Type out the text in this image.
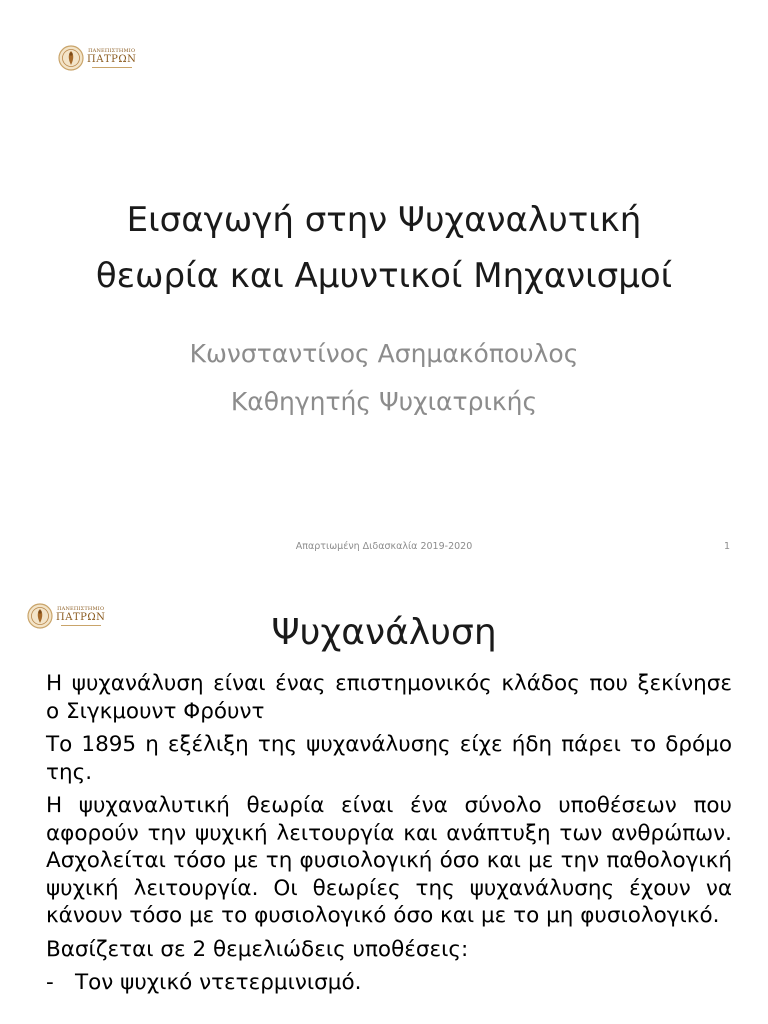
ΠΑΝΕΠΙΣΤΗΜΙΟ
ΠΑΤΡΩΝ
Εισαγωγή στην Ψυχαναλυτική
θεωρία και Αμυντικοί Μηχανισμοί
Κωνσταντίνος Ασημακόπουλος
Καθηγητής Ψυχιατρικής
Απαρτιωμένη Διδασκαλία 2019-2020	1
ΠΑΝΕΠΙΣΤΗΜΙΟ
ΠΑΤΡΩΝ	Ψυχανάλυση

Η ψυχανάλυση είναι ένας επιστημονικός κλάδος που ξεκίνησε ο Σιγκμουντ Φρόυντ

Το 1895 η εξέλιξη της ψυχανάλυσης είχε ήδη πάρει το δρόμο της.

Η ψυχαναλυτική θεωρία είναι ένα σύνολο υποθέσεων που αφορούν την ψυχική λειτουργία και ανάπτυξη των ανθρώπων. Ασχολείται τόσο με τη φυσιολογική όσο και με την παθολογική ψυχική λειτουργία. Οι θεωρίες της ψυχανάλυσης έχουν να κάνουν τόσο με το φυσιολογικό όσο και με το μη φυσιολογικό.

Βασίζεται σε 2 θεμελιώδεις υποθέσεις:

- Τον ψυχικό ντετερμινισμό.
